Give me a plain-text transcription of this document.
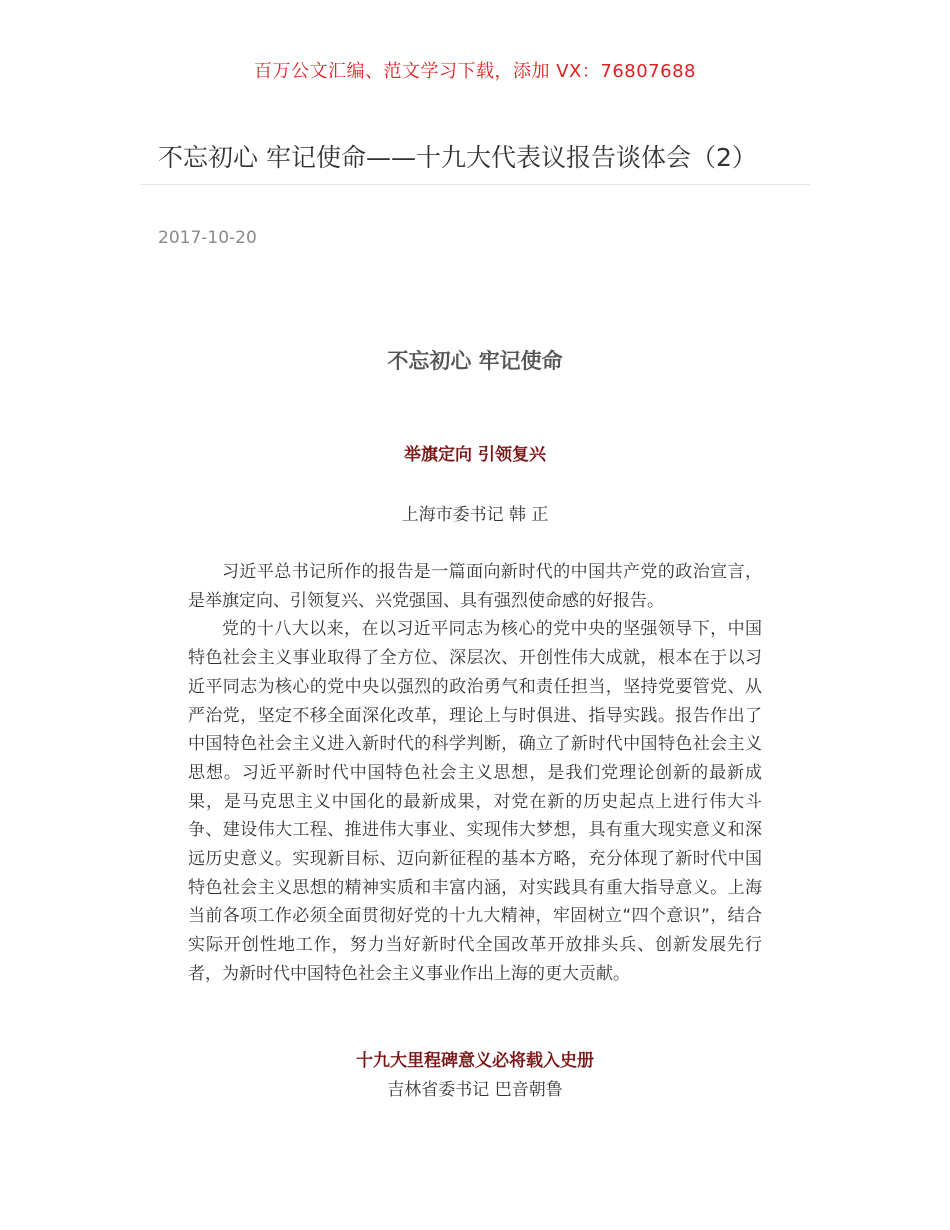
百万公文汇编、范文学习下载，添加 VX：76807688
不忘初心 牢记使命——十九大代表议报告谈体会（2）
2017-10-20
不忘初心 牢记使命
举旗定向 引领复兴
上海市委书记 韩 正

习近平总书记所作的报告是一篇面向新时代的中国共产党的政治宣言，是举旗定向、引领复兴、兴党强国、具有强烈使命感的好报告。

党的十八大以来，在以习近平同志为核心的党中央的坚强领导下，中国特色社会主义事业取得了全方位、深层次、开创性伟大成就，根本在于以习近平同志为核心的党中央以强烈的政治勇气和责任担当，坚持党要管党、从严治党，坚定不移全面深化改革，理论上与时俱进、指导实践。报告作出了中国特色社会主义进入新时代的科学判断，确立了新时代中国特色社会主义思想。习近平新时代中国特色社会主义思想，是我们党理论创新的最新成果，是马克思主义中国化的最新成果，对党在新的历史起点上进行伟大斗争、建设伟大工程、推进伟大事业、实现伟大梦想，具有重大现实意义和深远历史意义。实现新目标、迈向新征程的基本方略，充分体现了新时代中国特色社会主义思想的精神实质和丰富内涵，对实践具有重大指导意义。上海当前各项工作必须全面贯彻好党的十九大精神，牢固树立“四个意识”，结合实际开创性地工作，努力当好新时代全国改革开放排头兵、创新发展先行者，为新时代中国特色社会主义事业作出上海的更大贡献。

十九大里程碑意义必将载入史册
吉林省委书记 巴音朝鲁
